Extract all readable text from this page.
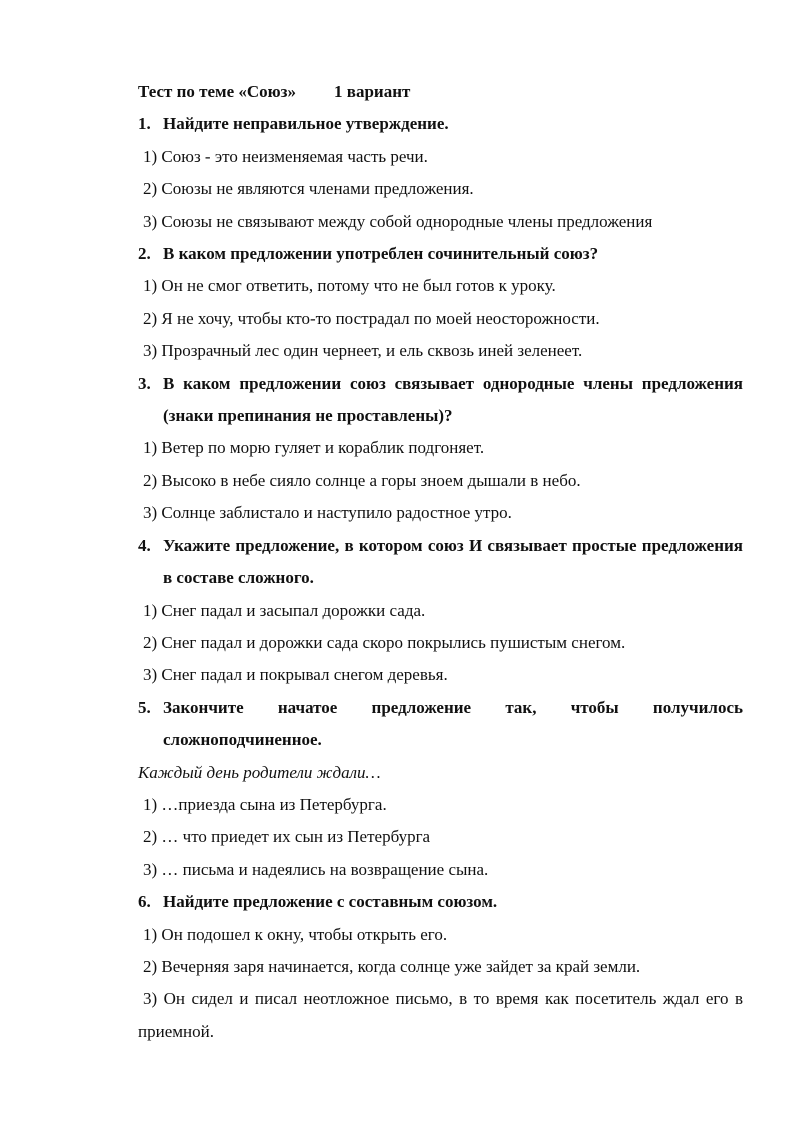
Тест по теме «Союз» 1 вариант
1. Найдите неправильное утверждение.
1) Союз - это неизменяемая часть речи.
2) Союзы не являются членами предложения.
3) Союзы не связывают между собой однородные члены предложения
2. В каком предложении употреблен сочинительный союз?
1) Он не смог ответить, потому что не был готов к уроку.
2) Я не хочу, чтобы кто-то пострадал по моей неосторожности.
3) Прозрачный лес один чернеет, и ель сквозь иней зеленеет.
3. В каком предложении союз связывает однородные члены предложения (знаки препинания не проставлены)?
1) Ветер по морю гуляет и кораблик подгоняет.
2) Высоко в небе сияло солнце а горы зноем дышали в небо.
3) Солнце заблистало и наступило радостное утро.
4. Укажите предложение, в котором союз И связывает простые предложения в составе сложного.
1) Снег падал и засыпал дорожки сада.
2) Снег падал и дорожки сада скоро покрылись пушистым снегом.
3) Снег падал и покрывал снегом деревья.
5. Закончите начатое предложение так, чтобы получилось сложноподчиненное.
Каждый день родители ждали…
1) …приезда сына из Петербурга.
2) … что приедет их сын из Петербурга
3) … письма и надеялись на возвращение сына.
6. Найдите предложение с составным союзом.
1) Он подошел к окну, чтобы открыть его.
2) Вечерняя заря начинается, когда солнце уже зайдет за край земли.
3) Он сидел и писал неотложное письмо, в то время как посетитель ждал его в приемной.
